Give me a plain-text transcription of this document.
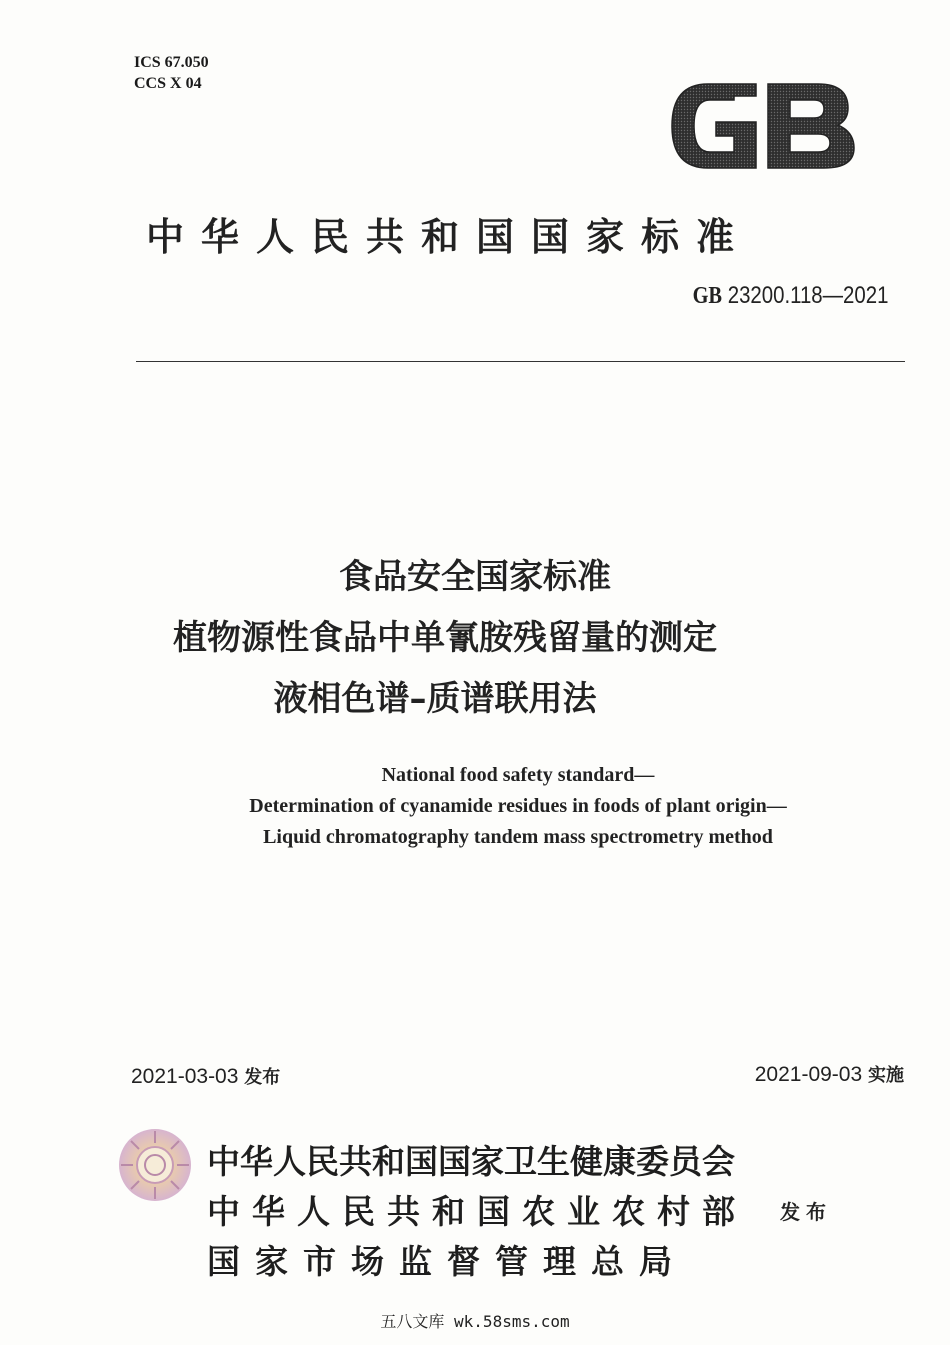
ICS 67.050
CCS X 04
中华人民共和国国家标准
GB 23200.118—2021
食品安全国家标准
植物源性食品中单氰胺残留量的测定
液相色谱–质谱联用法
National food safety standard—
Determination of cyanamide residues in foods of plant origin—
Liquid chromatography tandem mass spectrometry method
2021-03-03 发布	2021-09-03 实施
中华人民共和国国家卫生健康委员会
中华人民共和国农业农村部
国家市场监督管理总局
发布
五八文库 wk.58sms.com
